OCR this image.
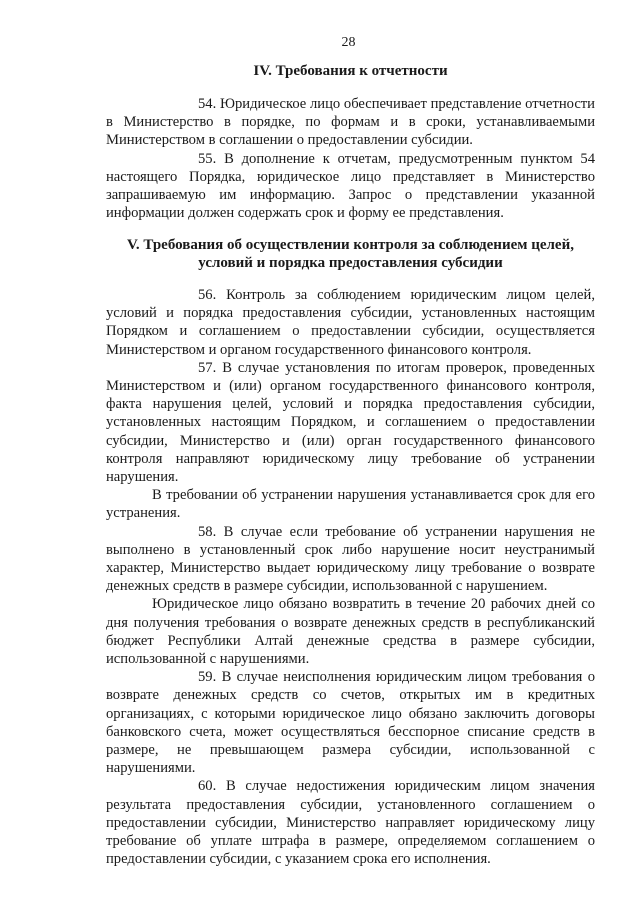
28
IV. Требования к отчетности

54. Юридическое лицо обеспечивает представление отчетности в Министерство в порядке, по формам и в сроки, устанавливаемыми Министерством в соглашении о предоставлении субсидии.

55. В дополнение к отчетам, предусмотренным пунктом 54 настоящего Порядка, юридическое лицо представляет в Министерство запрашиваемую им информацию. Запрос о представлении указанной информации должен содержать срок и форму ее представления.

V. Требования об осуществлении контроля за соблюдением целей,
условий и порядка предоставления субсидии

56. Контроль за соблюдением юридическим лицом целей, условий и порядка предоставления субсидии, установленных настоящим Порядком и соглашением о предоставлении субсидии, осуществляется Министерством и органом государственного финансового контроля.

57. В случае установления по итогам проверок, проведенных Министерством и (или) органом государственного финансового контроля, факта нарушения целей, условий и порядка предоставления субсидии, установленных настоящим Порядком, и соглашением о предоставлении субсидии, Министерство и (или) орган государственного финансового контроля направляют юридическому лицу требование об устранении нарушения.

В требовании об устранении нарушения устанавливается срок для его устранения.

58. В случае если требование об устранении нарушения не выполнено в установленный срок либо нарушение носит неустранимый характер, Министерство выдает юридическому лицу требование о возврате денежных средств в размере субсидии, использованной с нарушением.

Юридическое лицо обязано возвратить в течение 20 рабочих дней со дня получения требования о возврате денежных средств в республиканский бюджет Республики Алтай денежные средства в размере субсидии, использованной с нарушениями.

59. В случае неисполнения юридическим лицом требования о возврате денежных средств со счетов, открытых им в кредитных организациях, с которыми юридическое лицо обязано заключить договоры банковского счета, может осуществляться бесспорное списание средств в размере, не превышающем размера субсидии, использованной с нарушениями.

60. В случае недостижения юридическим лицом значения результата предоставления субсидии, установленного соглашением о предоставлении субсидии, Министерство направляет юридическому лицу требование об уплате штрафа в размере, определяемом соглашением о предоставлении субсидии, с указанием срока его исполнения.
